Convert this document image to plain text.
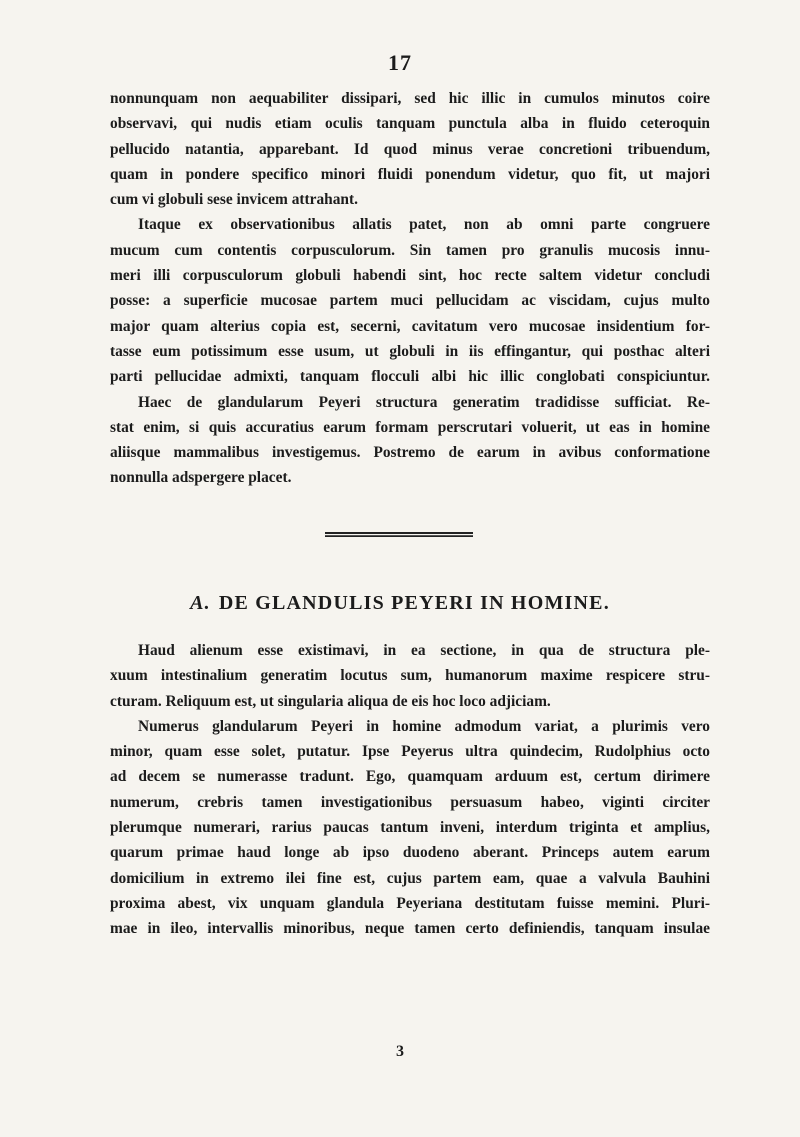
17
nonnunquam non aequabiliter dissipari, sed hic illic in cumulos minutos coire
observavi, qui nudis etiam oculis tanquam punctula alba in fluido ceteroquin
pellucido natantia, apparebant. Id quod minus verae concretioni tribuendum,
quam in pondere specifico minori fluidi ponendum videtur, quo fit, ut majori
cum vi globuli sese invicem attrahant.
Itaque ex observationibus allatis patet, non ab omni parte congruere
mucum cum contentis corpusculorum. Sin tamen pro granulis mucosis innu-
meri illi corpusculorum globuli habendi sint, hoc recte saltem videtur concludi
posse: a superficie mucosae partem muci pellucidam ac viscidam, cujus multo
major quam alterius copia est, secerni, cavitatum vero mucosae insidentium for-
tasse eum potissimum esse usum, ut globuli in iis effingantur, qui posthac alteri
parti pellucidae admixti, tanquam flocculi albi hic illic conglobati conspiciuntur.
Haec de glandularum Peyeri structura generatim tradidisse sufficiat. Re-
stat enim, si quis accuratius earum formam perscrutari voluerit, ut eas in homine
aliisque mammalibus investigemus. Postremo de earum in avibus conformatione
nonnulla adspergere placet.
A. DE GLANDULIS PEYERI IN HOMINE.
Haud alienum esse existimavi, in ea sectione, in qua de structura ple-
xuum intestinalium generatim locutus sum, humanorum maxime respicere stru-
cturam. Reliquum est, ut singularia aliqua de eis hoc loco adjiciam.
Numerus glandularum Peyeri in homine admodum variat, a plurimis vero
minor, quam esse solet, putatur. Ipse Peyerus ultra quindecim, Rudolphius octo
ad decem se numerasse tradunt. Ego, quamquam arduum est, certum dirimere
numerum, crebris tamen investigationibus persuasum habeo, viginti circiter
plerumque numerari, rarius paucas tantum inveni, interdum triginta et amplius,
quarum primae haud longe ab ipso duodeno aberant. Princeps autem earum
domicilium in extremo ilei fine est, cujus partem eam, quae a valvula Bauhini
proxima abest, vix unquam glandula Peyeriana destitutam fuisse memini. Pluri-
mae in ileo, intervallis minoribus, neque tamen certo definiendis, tanquam insulae
3
